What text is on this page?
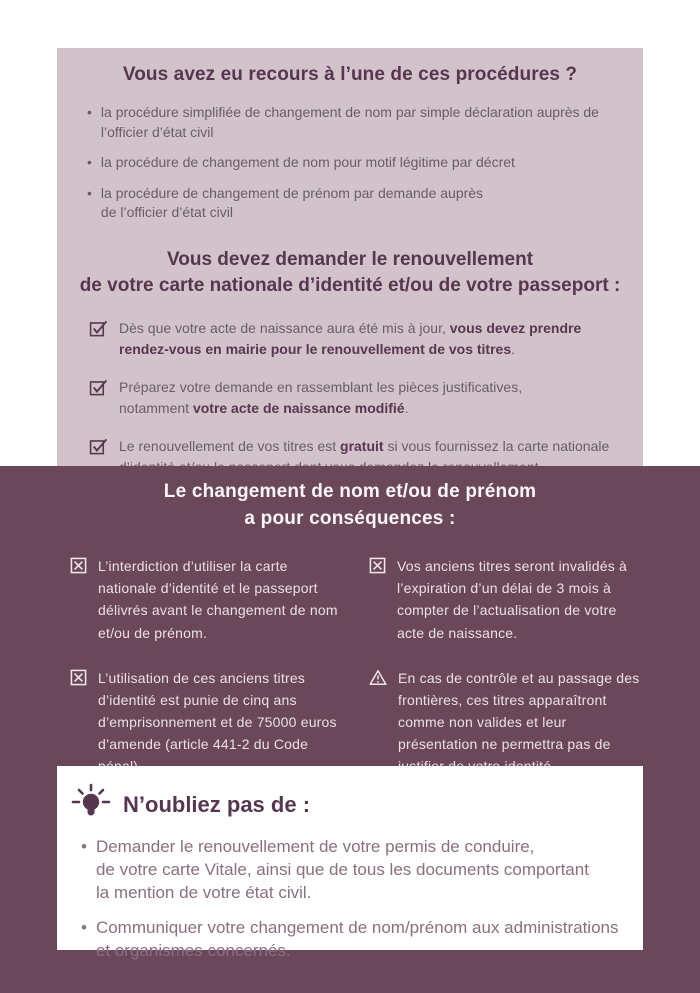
Vous avez eu recours à l’une de ces procédures ?
• la procédure simplifiée de changement de nom par simple déclaration auprès de
l’officier d’état civil
• la procédure de changement de nom pour motif légitime par décret
• la procédure de changement de prénom par demande auprès
de l’officier d’état civil
Vous devez demander le renouvellement
de votre carte nationale d’identité et/ou de votre passeport :
Dès que votre acte de naissance aura été mis à jour, vous devez prendre rendez-vous en mairie pour le renouvellement de vos titres.
Préparez votre demande en rassemblant les pièces justificatives,
notamment votre acte de naissance modifié.
Le renouvellement de vos titres est gratuit si vous fournissez la carte nationale

Le changement de nom et/ou de prénom
a pour conséquences :
L’interdiction d’utiliser la carte
nationale d’identité et le passeport
délivrés avant le changement de nom
et/ou de prénom.
L’utilisation de ces anciens titres
d’identité est punie de cinq ans
d’emprisonnement et de 75000 euros
d’amende (article 441-2 du Code
Vos anciens titres seront invalidés à
l’expiration d’un délai de 3 mois à
compter de l’actualisation de votre
acte de naissance.
En cas de contrôle et au passage des
frontières, ces titres apparaîtront
comme non valides et leur
présentation ne permettra pas de

N’oubliez pas de :
• Demander le renouvellement de votre permis de conduire,
de votre carte Vitale, ainsi que de tous les documents comportant
la mention de votre état civil.
• Communiquer votre changement de nom/prénom aux administrations
et organismes concernés.
